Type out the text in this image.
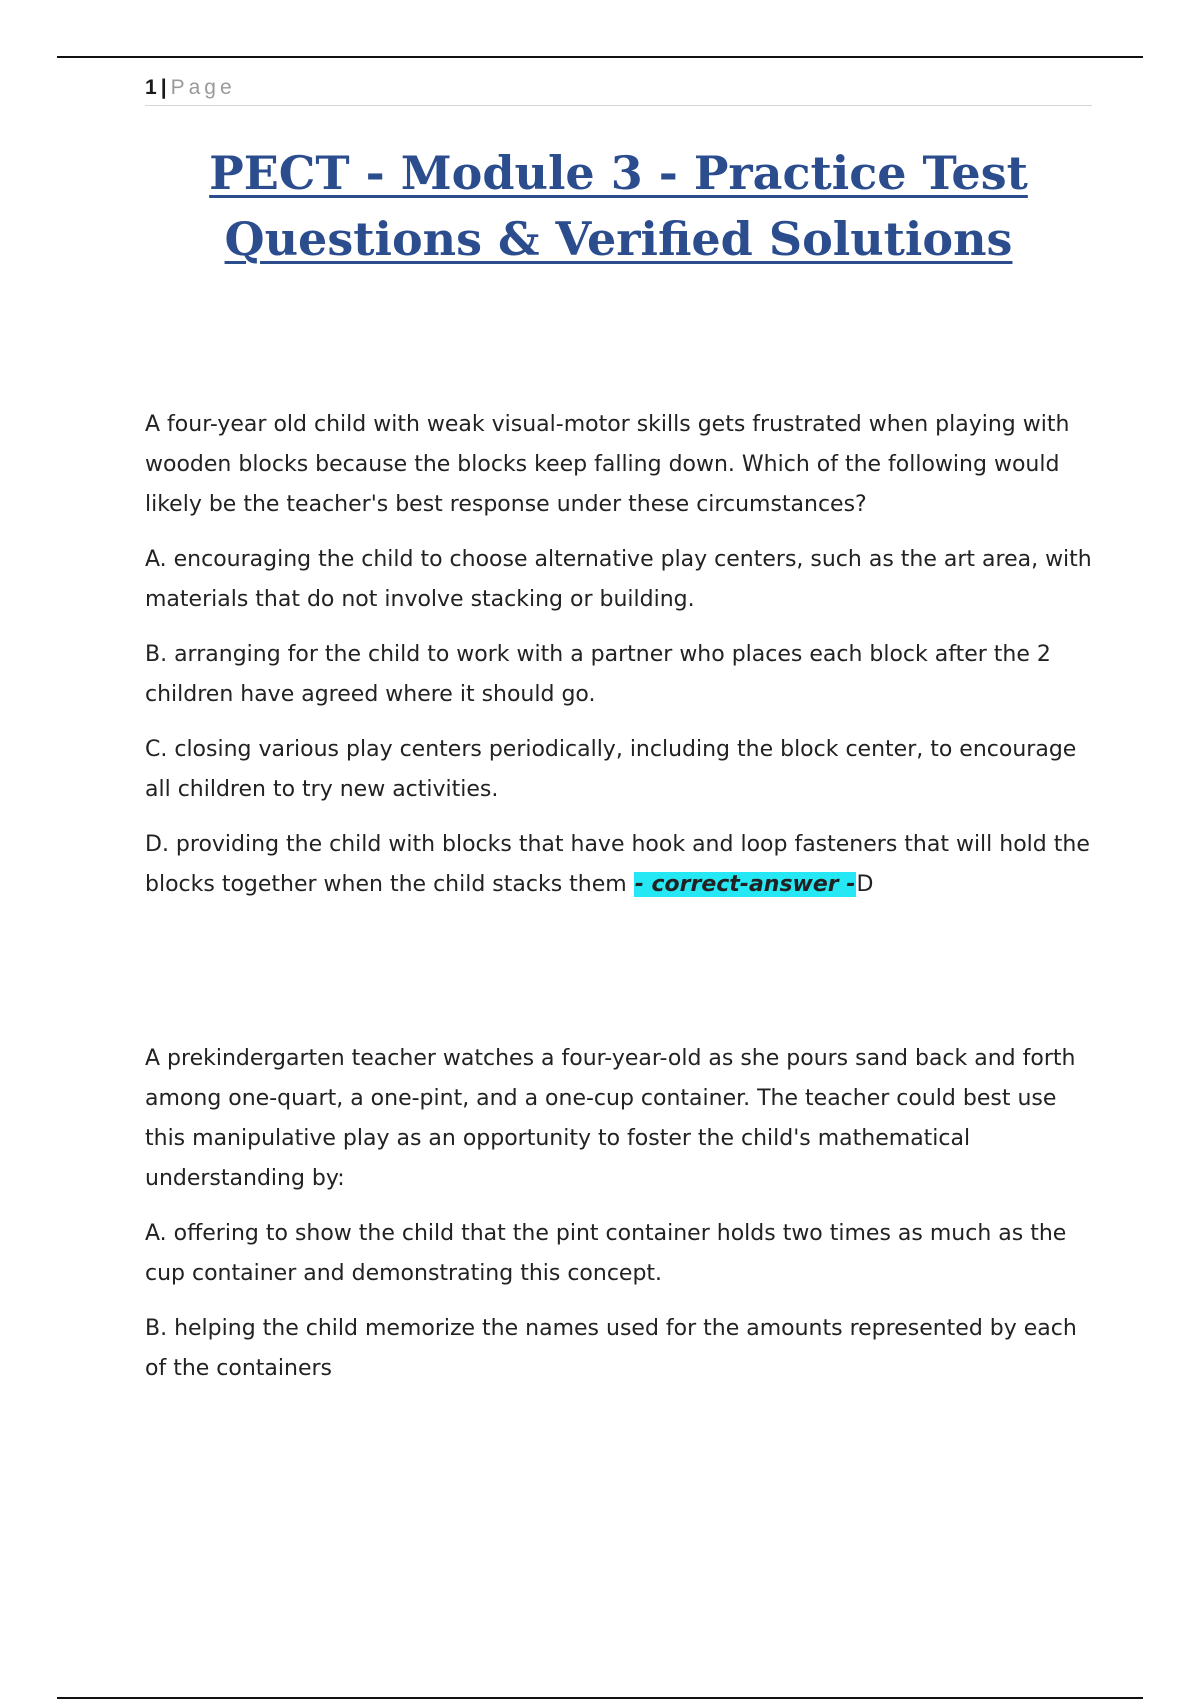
1 | Page
PECT - Module 3 - Practice Test
Questions & Verified Solutions

A four-year old child with weak visual-motor skills gets frustrated when playing with wooden blocks because the blocks keep falling down. Which of the following would likely be the teacher's best response under these circumstances?

A. encouraging the child to choose alternative play centers, such as the art area, with materials that do not involve stacking or building.

B. arranging for the child to work with a partner who places each block after the 2 children have agreed where it should go.

C. closing various play centers periodically, including the block center, to encourage all children to try new activities.

D. providing the child with blocks that have hook and loop fasteners that will hold the blocks together when the child stacks them - correct-answer -D

A prekindergarten teacher watches a four-year-old as she pours sand back and forth among one-quart, a one-pint, and a one-cup container. The teacher could best use this manipulative play as an opportunity to foster the child's mathematical understanding by:

A. offering to show the child that the pint container holds two times as much as the cup container and demonstrating this concept.

B. helping the child memorize the names used for the amounts represented by each of the containers
